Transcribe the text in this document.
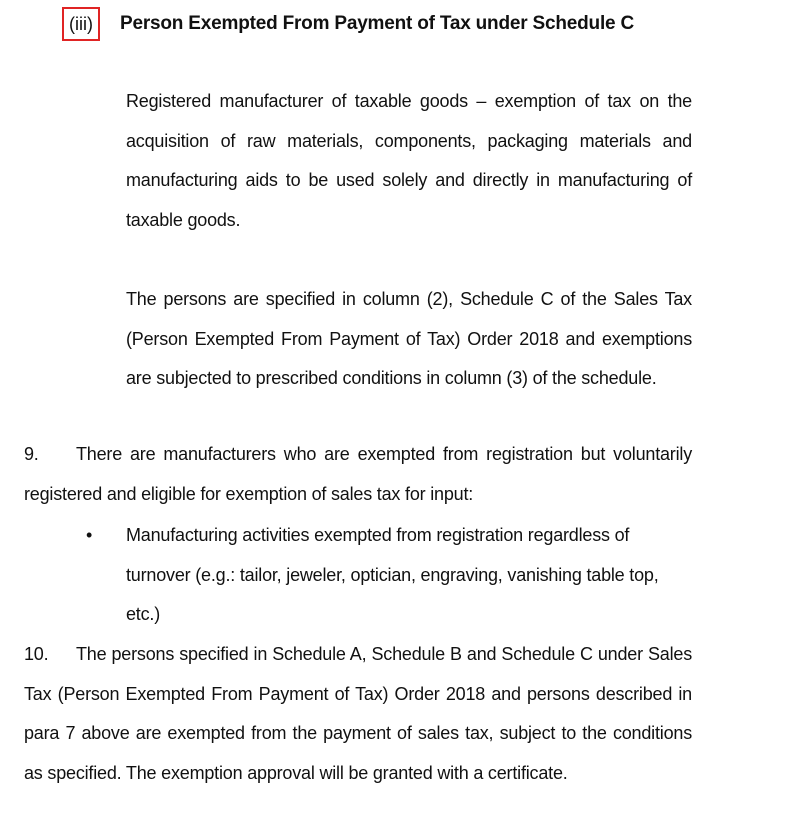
(iii)	Person Exempted From Payment of Tax under Schedule C

Registered manufacturer of taxable goods – exemption of tax on the acquisition of raw materials, components, packaging materials and manufacturing aids to be used solely and directly in manufacturing of taxable goods.

The persons are specified in column (2), Schedule C of the Sales Tax (Person Exempted From Payment of Tax) Order 2018 and exemptions are subjected to prescribed conditions in column (3) of the schedule.

9. There are manufacturers who are exempted from registration but voluntarily registered and eligible for exemption of sales tax for input:

•	Manufacturing activities exempted from registration regardless of turnover (e.g.: tailor, jeweler, optician, engraving, vanishing table top, etc.)

10. The persons specified in Schedule A, Schedule B and Schedule C under Sales Tax (Person Exempted From Payment of Tax) Order 2018 and persons described in para 7 above are exempted from the payment of sales tax, subject to the conditions as specified. The exemption approval will be granted with a certificate.
